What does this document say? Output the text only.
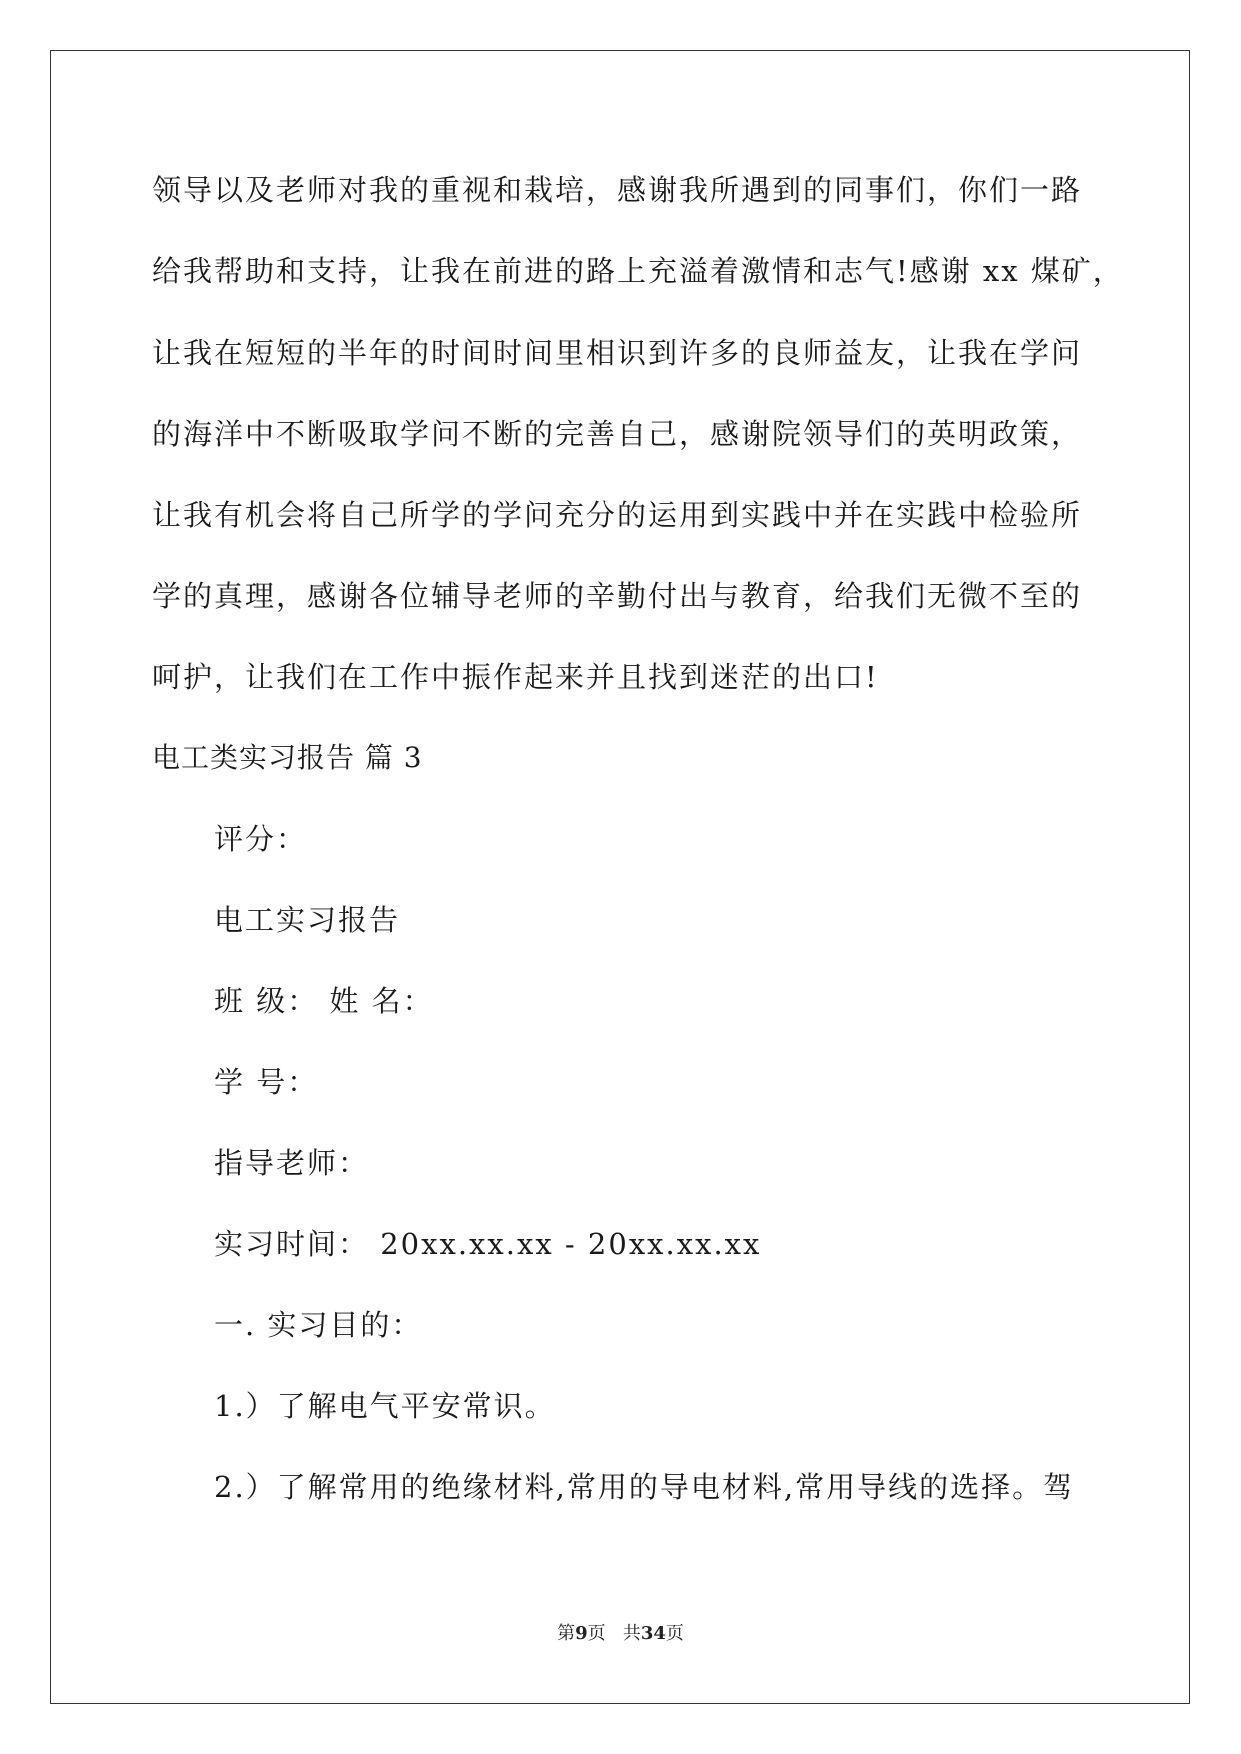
领导以及老师对我的重视和栽培，感谢我所遇到的同事们，你们一路
给我帮助和支持，让我在前进的路上充溢着激情和志气!感谢 xx 煤矿，
让我在短短的半年的时间时间里相识到许多的良师益友，让我在学问
的海洋中不断吸取学问不断的完善自己，感谢院领导们的英明政策，
让我有机会将自己所学的学问充分的运用到实践中并在实践中检验所
学的真理，感谢各位辅导老师的辛勤付出与教育，给我们无微不至的
呵护，让我们在工作中振作起来并且找到迷茫的出口!
电工类实习报告 篇 3
评分：
电工实习报告
班 级： 姓 名：
学 号：
指导老师：
实习时间： 20xx.xx.xx - 20xx.xx.xx
一. 实习目的：
1.）了解电气平安常识。
2.）了解常用的绝缘材料,常用的导电材料,常用导线的选择。驾
第9页 共34页
